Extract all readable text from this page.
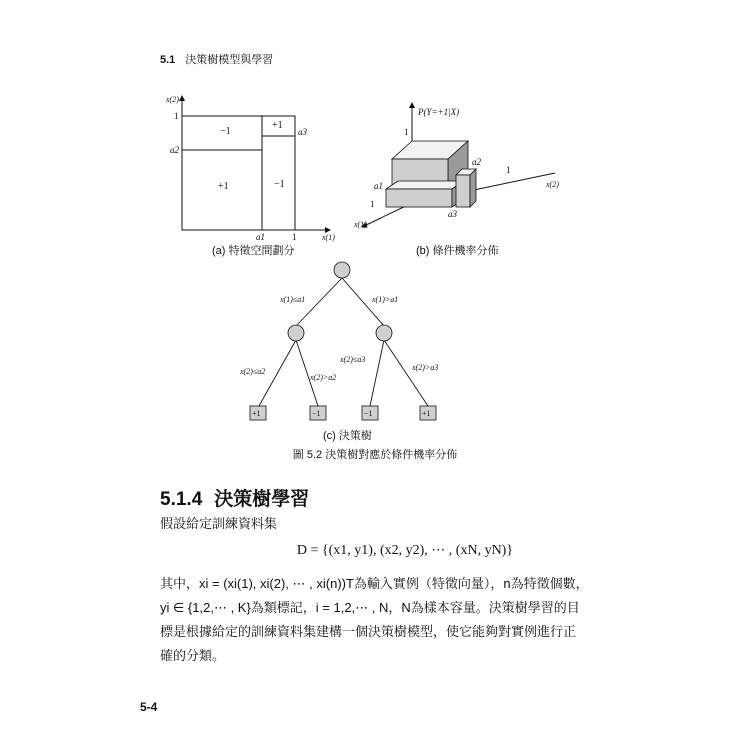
5.1 決策樹模型與學習
x(2)
1
a2
a1	1
a3
x(1)
−1
+1
+1	−1
(a) 特徵空間劃分
P(Y=+1|X)
1
1
1
a1
a2
a3
x(2)
x(1)
(b) 條件機率分佈
+1	−1	−1	+1
x(1)≤a1	x(1)>a1
x(2)≤a2
x(2)>a2
x(2)≤a3
x(2)>a3
(c) 決策樹
圖 5.2 決策樹對應於條件機率分佈
5.1.4 決策樹學習
假設給定訓練資料集
D = {(x1, y1), (x2, y2), ⋯ , (xN, yN)}
其中，xi = (xi(1), xi(2), ⋯ , xi(n))T為輸入實例（特徵向量），n為特徵個數，
yi ∈ {1,2,⋯ , K}為類標記，i = 1,2,⋯ , N，N為樣本容量。決策樹學習的目
標是根據給定的訓練資料集建構一個決策樹模型，使它能夠對實例進行正
確的分類。
5-4
